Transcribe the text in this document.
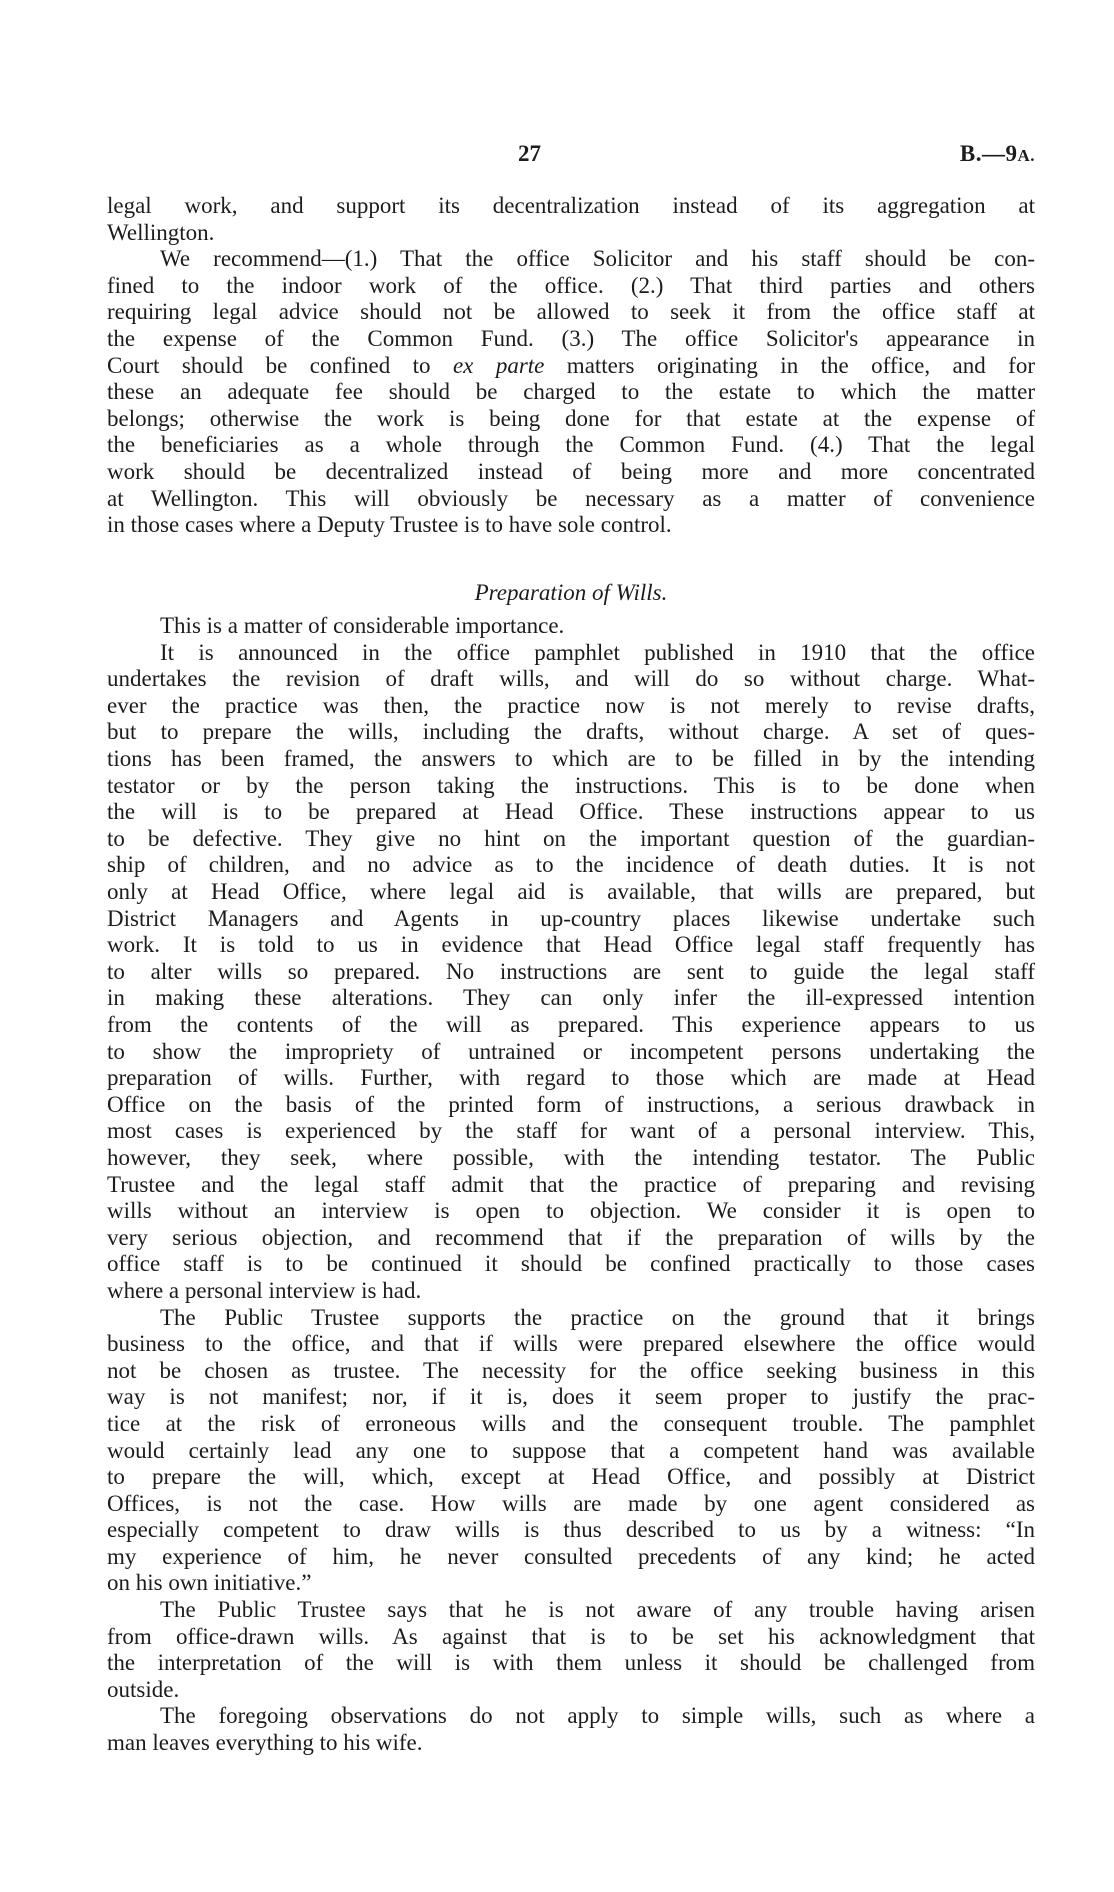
27	B.—9A.
legal work, and support its decentralization instead of its aggregation at
Wellington.
We recommend—(1.) That the office Solicitor and his staff should be con-
fined to the indoor work of the office. (2.) That third parties and others
requiring legal advice should not be allowed to seek it from the office staff at
the expense of the Common Fund. (3.) The office Solicitor's appearance in
Court should be confined to ex parte matters originating in the office, and for
these an adequate fee should be charged to the estate to which the matter
belongs; otherwise the work is being done for that estate at the expense of
the beneficiaries as a whole through the Common Fund. (4.) That the legal
work should be decentralized instead of being more and more concentrated
at Wellington. This will obviously be necessary as a matter of convenience
in those cases where a Deputy Trustee is to have sole control.
Preparation of Wills.
This is a matter of considerable importance.
It is announced in the office pamphlet published in 1910 that the office
undertakes the revision of draft wills, and will do so without charge. What-
ever the practice was then, the practice now is not merely to revise drafts,
but to prepare the wills, including the drafts, without charge. A set of ques-
tions has been framed, the answers to which are to be filled in by the intending
testator or by the person taking the instructions. This is to be done when
the will is to be prepared at Head Office. These instructions appear to us
to be defective. They give no hint on the important question of the guardian-
ship of children, and no advice as to the incidence of death duties. It is not
only at Head Office, where legal aid is available, that wills are prepared, but
District Managers and Agents in up-country places likewise undertake such
work. It is told to us in evidence that Head Office legal staff frequently has
to alter wills so prepared. No instructions are sent to guide the legal staff
in making these alterations. They can only infer the ill-expressed intention
from the contents of the will as prepared. This experience appears to us
to show the impropriety of untrained or incompetent persons undertaking the
preparation of wills. Further, with regard to those which are made at Head
Office on the basis of the printed form of instructions, a serious drawback in
most cases is experienced by the staff for want of a personal interview. This,
however, they seek, where possible, with the intending testator. The Public
Trustee and the legal staff admit that the practice of preparing and revising
wills without an interview is open to objection. We consider it is open to
very serious objection, and recommend that if the preparation of wills by the
office staff is to be continued it should be confined practically to those cases
where a personal interview is had.
The Public Trustee supports the practice on the ground that it brings
business to the office, and that if wills were prepared elsewhere the office would
not be chosen as trustee. The necessity for the office seeking business in this
way is not manifest; nor, if it is, does it seem proper to justify the prac-
tice at the risk of erroneous wills and the consequent trouble. The pamphlet
would certainly lead any one to suppose that a competent hand was available
to prepare the will, which, except at Head Office, and possibly at District
Offices, is not the case. How wills are made by one agent considered as
especially competent to draw wills is thus described to us by a witness: “In
my experience of him, he never consulted precedents of any kind; he acted
on his own initiative.”
The Public Trustee says that he is not aware of any trouble having arisen
from office-drawn wills. As against that is to be set his acknowledgment that
the interpretation of the will is with them unless it should be challenged from
outside.
The foregoing observations do not apply to simple wills, such as where a
man leaves everything to his wife.
